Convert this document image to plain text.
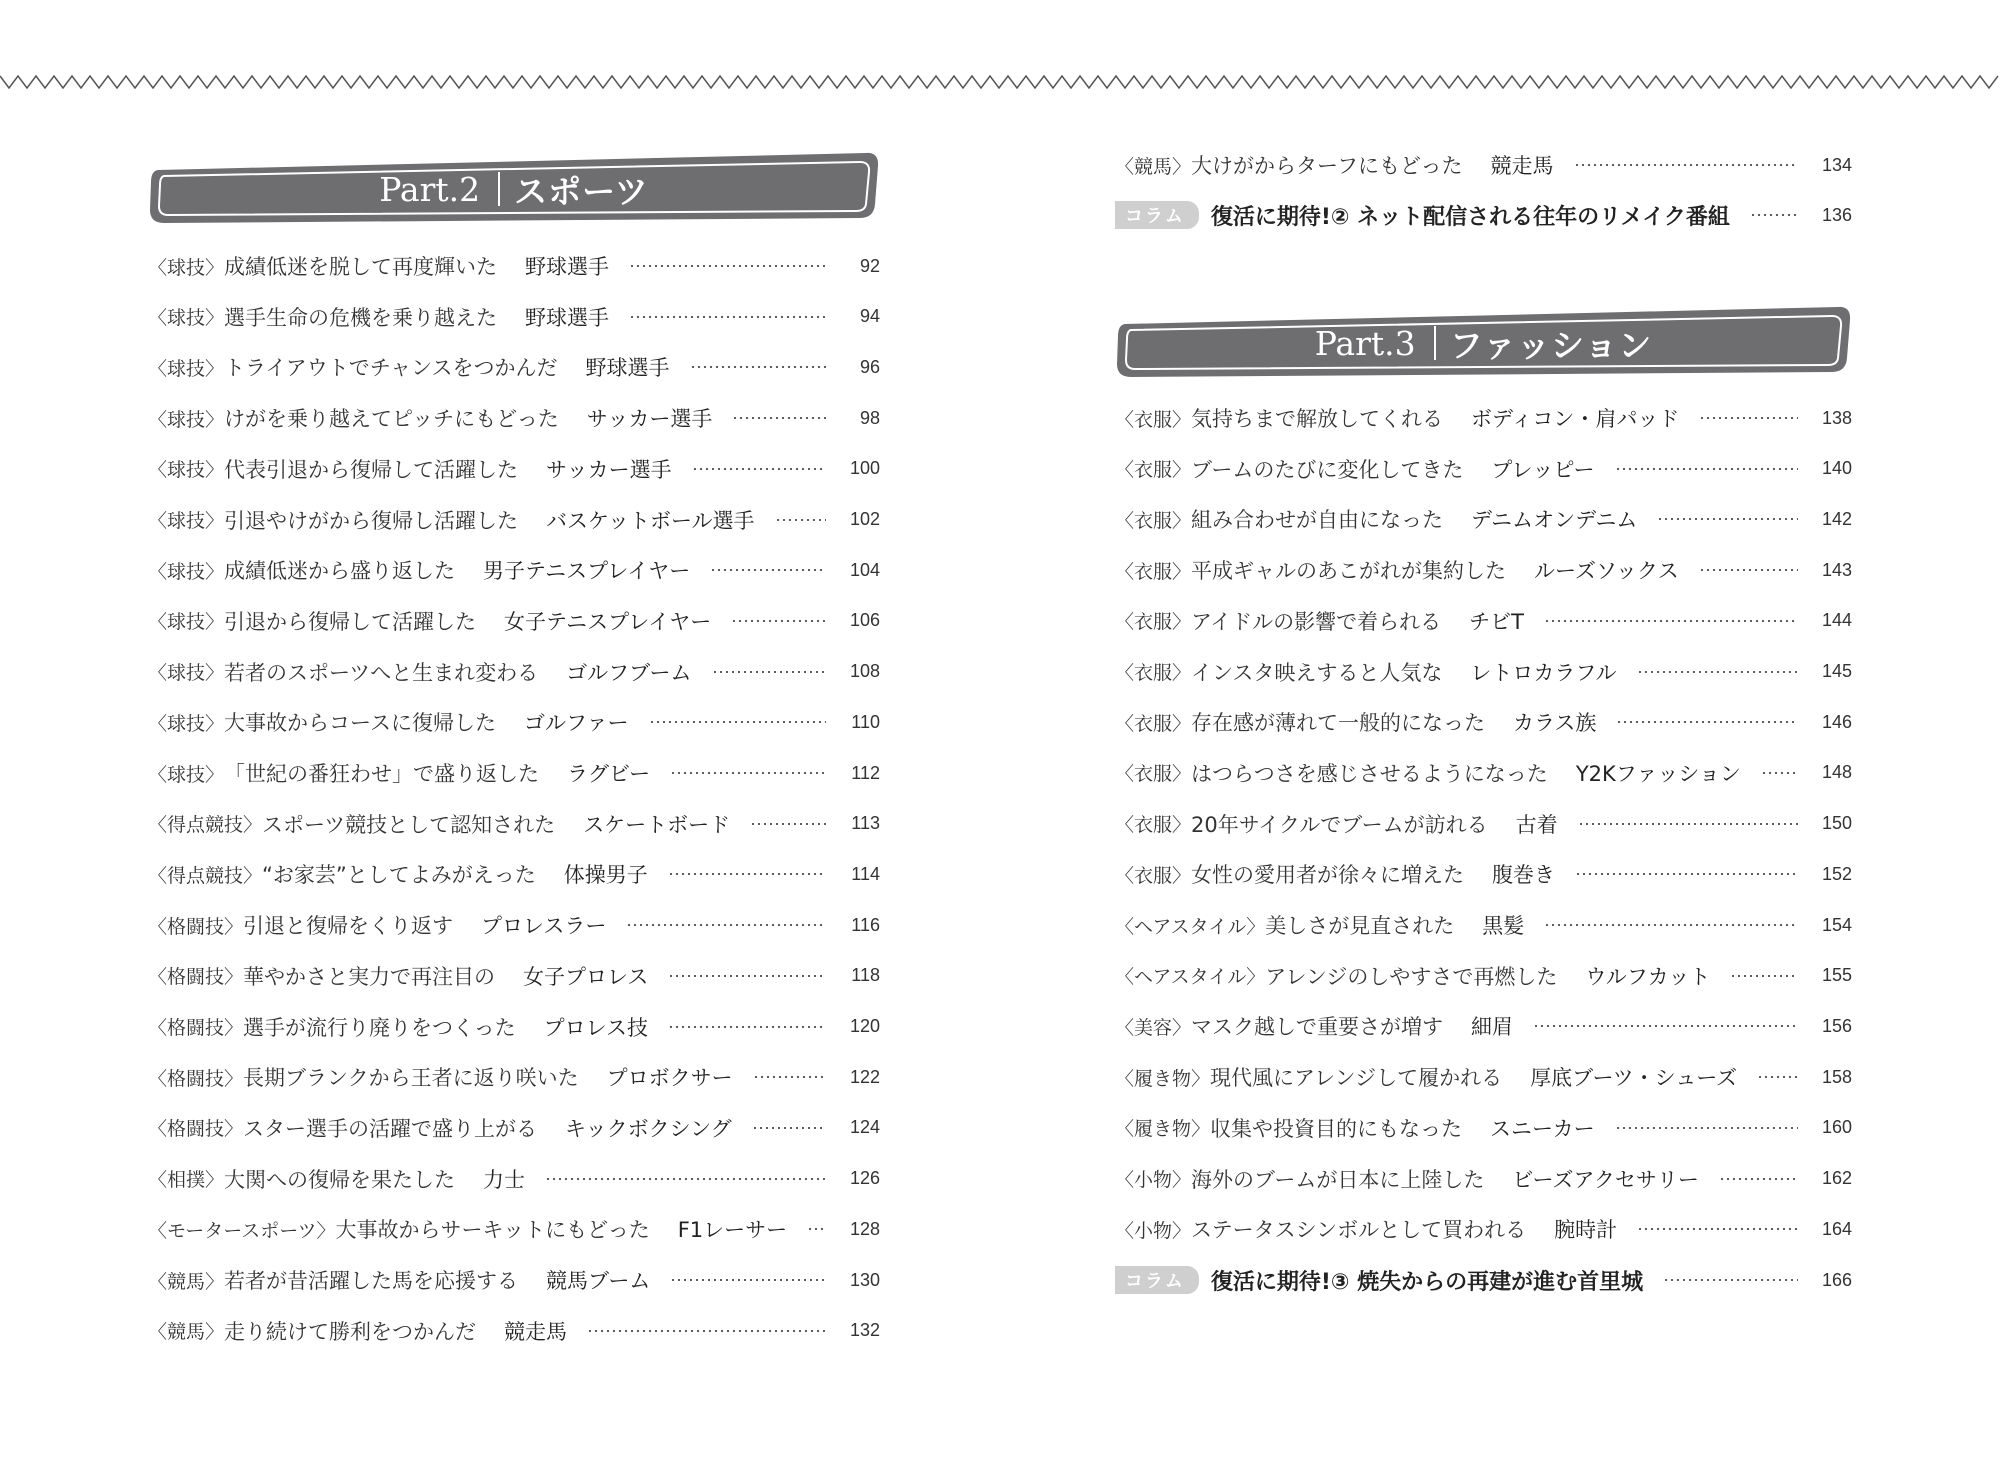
Part.2 スポーツ
〈球技〉 成績低迷を脱して再度輝いた 野球選手	92
〈球技〉 選手生命の危機を乗り越えた 野球選手	94
〈球技〉 トライアウトでチャンスをつかんだ 野球選手	96
〈球技〉 けがを乗り越えてピッチにもどった サッカー選手	98
〈球技〉 代表引退から復帰して活躍した サッカー選手	100
〈球技〉 引退やけがから復帰し活躍した バスケットボール選手	102
〈球技〉 成績低迷から盛り返した 男子テニスプレイヤー	104
〈球技〉 引退から復帰して活躍した 女子テニスプレイヤー	106
〈球技〉 若者のスポーツへと生まれ変わる ゴルフブーム	108
〈球技〉 大事故からコースに復帰した ゴルファー	110
〈球技〉 「世紀の番狂わせ」で盛り返した ラグビー	112
〈得点競技〉 スポーツ競技として認知された スケートボード	113
〈得点競技〉 “お家芸”としてよみがえった 体操男子	114
〈格闘技〉 引退と復帰をくり返す プロレスラー	116
〈格闘技〉 華やかさと実力で再注目の 女子プロレス	118
〈格闘技〉 選手が流行り廃りをつくった プロレス技	120
〈格闘技〉 長期ブランクから王者に返り咲いた プロボクサー	122
〈格闘技〉 スター選手の活躍で盛り上がる キックボクシング	124
〈相撲〉 大関への復帰を果たした 力士	126
〈モータースポーツ〉 大事故からサーキットにもどった F1レーサー	128
〈競馬〉 若者が昔活躍した馬を応援する 競馬ブーム	130
〈競馬〉 走り続けて勝利をつかんだ 競走馬	132
〈競馬〉 大けがからターフにもどった 競走馬	134
コラム	復活に期待!② ネット配信される往年のリメイク番組	136
Part.3 ファッション
〈衣服〉 気持ちまで解放してくれる ボディコン・肩パッド	138
〈衣服〉 ブームのたびに変化してきた プレッピー	140
〈衣服〉 組み合わせが自由になった デニムオンデニム	142
〈衣服〉 平成ギャルのあこがれが集約した ルーズソックス	143
〈衣服〉 アイドルの影響で着られる チビT	144
〈衣服〉 インスタ映えすると人気な レトロカラフル	145
〈衣服〉 存在感が薄れて一般的になった カラス族	146
〈衣服〉 はつらつさを感じさせるようになった Y2Kファッション	148
〈衣服〉 20年サイクルでブームが訪れる 古着	150
〈衣服〉 女性の愛用者が徐々に増えた 腹巻き	152
〈ヘアスタイル〉 美しさが見直された 黒髪	154
〈ヘアスタイル〉 アレンジのしやすさで再燃した ウルフカット	155
〈美容〉 マスク越しで重要さが増す 細眉	156
〈履き物〉 現代風にアレンジして履かれる 厚底ブーツ・シューズ	158
〈履き物〉 収集や投資目的にもなった スニーカー	160
〈小物〉 海外のブームが日本に上陸した ビーズアクセサリー	162
〈小物〉 ステータスシンボルとして買われる 腕時計	164
コラム	復活に期待!③ 焼失からの再建が進む首里城	166
